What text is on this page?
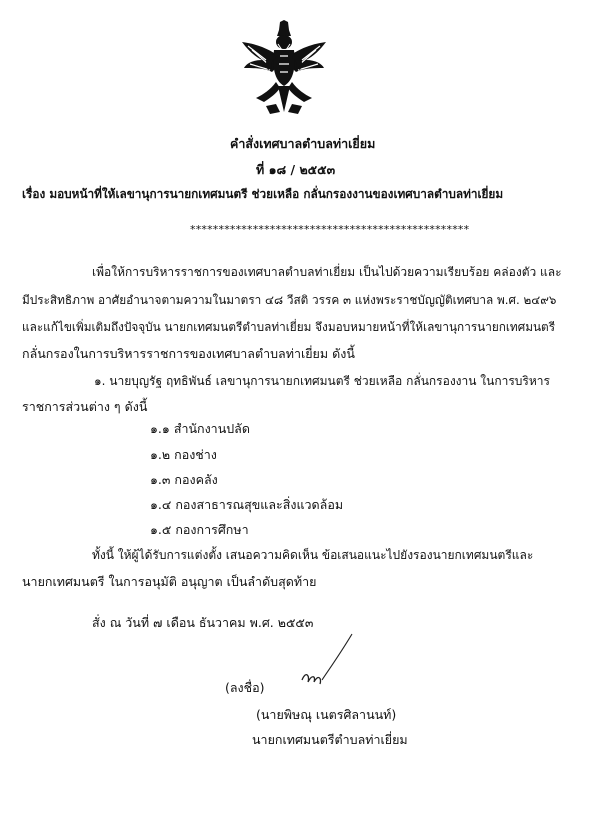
คำสั่งเทศบาลตำบลท่าเยี่ยม
ที่ ๑๘ / ๒๕๕๓
เรื่อง มอบหน้าที่ให้เลขานุการนายกเทศมนตรี ช่วยเหลือ กลั่นกรองงานของเทศบาลตำบลท่าเยี่ยม
*************************************************
เพื่อให้การบริหารราชการของเทศบาลตำบลท่าเยี่ยม เป็นไปด้วยความเรียบร้อย คล่องตัว และ
มีประสิทธิภาพ อาศัยอำนาจตามความในมาตรา ๔๘ วีสติ วรรค ๓ แห่งพระราชบัญญัติเทศบาล พ.ศ. ๒๔๙๖
และแก้ไขเพิ่มเติมถึงปัจจุบัน นายกเทศมนตรีตำบลท่าเยี่ยม จึงมอบหมายหน้าที่ให้เลขานุการนายกเทศมนตรี
กลั่นกรองในการบริหารราชการของเทศบาลตำบลท่าเยี่ยม ดังนี้
๑. นายบุญรัฐ ฤทธิพันธ์ เลขานุการนายกเทศมนตรี ช่วยเหลือ กลั่นกรองงาน ในการบริหาร
ราชการส่วนต่าง ๆ ดังนี้
๑.๑ สำนักงานปลัด
๑.๒ กองช่าง
๑.๓ กองคลัง
๑.๔ กองสาธารณสุขและสิ่งแวดล้อม
๑.๕ กองการศึกษา
ทั้งนี้ ให้ผู้ได้รับการแต่งตั้ง เสนอความคิดเห็น ข้อเสนอแนะไปยังรองนายกเทศมนตรีและ
นายกเทศมนตรี ในการอนุมัติ อนุญาต เป็นลำดับสุดท้าย
สั่ง ณ วันที่ ๗ เดือน ธันวาคม พ.ศ. ๒๕๕๓
(ลงชื่อ)
(นายพิษณุ เนตรศิลานนท์)
นายกเทศมนตรีตำบลท่าเยี่ยม
